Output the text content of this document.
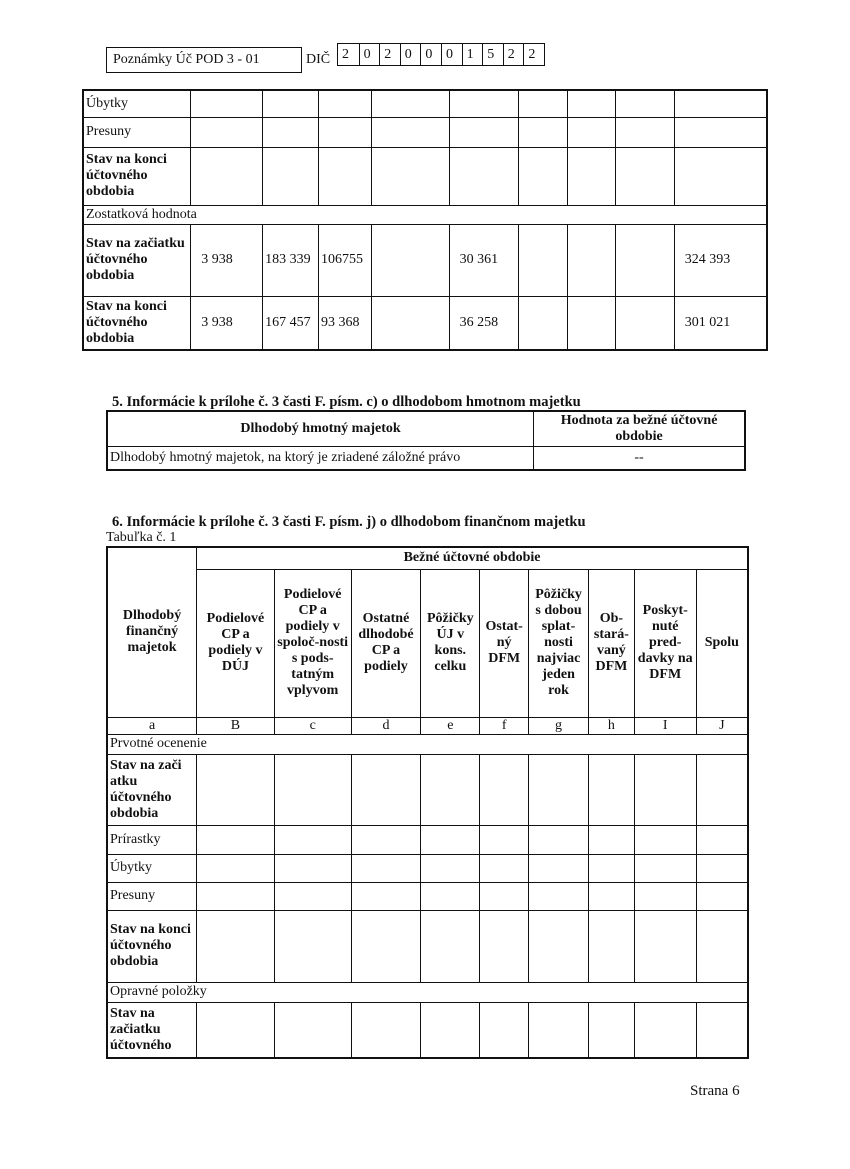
Poznámky Úč POD 3 - 01	DIČ 2	0 2 0 0 0 1 5 2 2
Úbytky									
Presuny									
Stav na konci účtovného obdobia									
Zostatková hodnota									
Stav na začiatku účtovného obdobia	3 938	183 339	106755		30 361				324 393
Stav na konci účtovného obdobia	3 938	167 457	93 368		36 258				301 021
5. Informácie k prílohe č. 3 časti F. písm. c) o dlhodobom hmotnom majetku
Dlhodobý hmotný majetok	Hodnota za bežné účtovné obdobie
Dlhodobý hmotný majetok, na ktorý je zriadené záložné právo	--
6. Informácie k prílohe č. 3 časti F. písm. j) o dlhodobom finančnom majetku
Tabuľka č. 1
Dlhodobý finančný majetok	Bežné účtovné obdobie								
	Podielové CP a podiely v DÚJ	Podielové CP a podiely v spoloč-nosti s pods-tatným vplyvom	Ostatné dlhodobé CP a podiely	Pôžičky ÚJ v kons. celku	Ostat-ný DFM	Pôžičky s dobou splat-nosti najviac jeden rok	Ob-stará-vaný DFM	Poskyt-nuté pred-davky na DFM	Spolu

a	B	c	d	e	f	g	h	I	J
Prvotné ocenenie									
Stav na zači atku účtovného obdobia									
Prírastky									
Úbytky									
Presuny									
Stav na konci účtovného obdobia									
Opravné položky									
Stav na začiatku účtovného									
Strana 6
